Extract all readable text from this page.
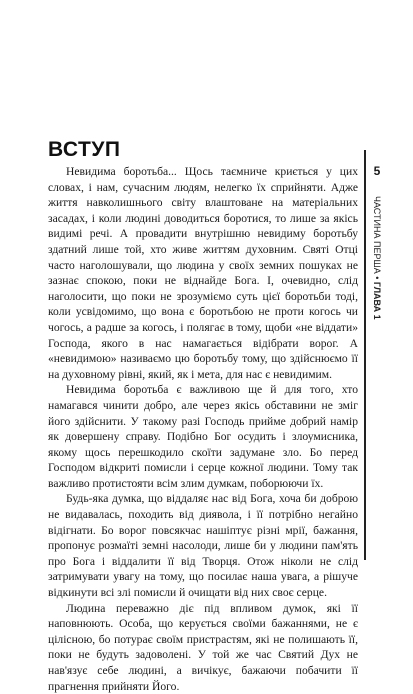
ВСТУП

Невидима боротьба... Щось таємниче криється у цих словах, і нам, сучасним людям, нелегко їх сприйняти. Адже життя навколишнього світу влаштоване на матеріальних засадах, і коли людині доводиться боротися, то лише за якісь видимі речі. А провадити внутрішню невидиму боротьбу здатний лише той, хто живе життям духовним. Святі Отці часто наголошували, що людина у своїх земних пошуках не зазнає спокою, поки не віднайде Бога. І, очевидно, слід наголосити, що поки не зрозуміємо суть цієї боротьби тоді, коли усвідомимо, що вона є боротьбою не проти когось чи чогось, а радше за когось, і полягає в тому, щоби «не віддати» Господа, якого в нас намагається відібрати ворог. А «невидимою» називаємо цю боротьбу тому, що здійснюємо її на духовному рівні, який, як і мета, для нас є невидимим.

Невидима боротьба є важливою ще й для того, хто намагався чинити добро, але через якісь обставини не зміг його здійснити. У такому разі Господь прийме добрий намір як довершену справу. Подібно Бог осудить і злоумисника, якому щось перешкодило скоїти задумане зло. Бо перед Господом відкриті помисли і серце кожної людини. Тому так важливо протистояти всім злим думкам, поборюючи їх.

Будь-яка думка, що віддаляє нас від Бога, хоча би доброю не видавалась, походить від диявола, і її потрібно негайно відігнати. Бо ворог повсякчас нашіптує різні мрії, бажання, пропонує розмаїті земні насолоди, лише би у людини пам'ять про Бога і віддалити її від Творця. Отож ніколи не слід затримувати увагу на тому, що посилає наша увага, а рішуче відкинути всі злі помисли й очищати від них своє серце.

Людина переважно діє під впливом думок, які її наповнюють. Особа, що керується своїми бажаннями, не є цілісною, бо потурає своїм пристрастям, які не полишають її, поки не будуть задоволені. У той же час Святий Дух не нав'язує себе людині, а вичікує, бажаючи побачити її прагнення прийняти Його.

5
ЧАСТИНА ПЕРША • ГЛАВА 1
